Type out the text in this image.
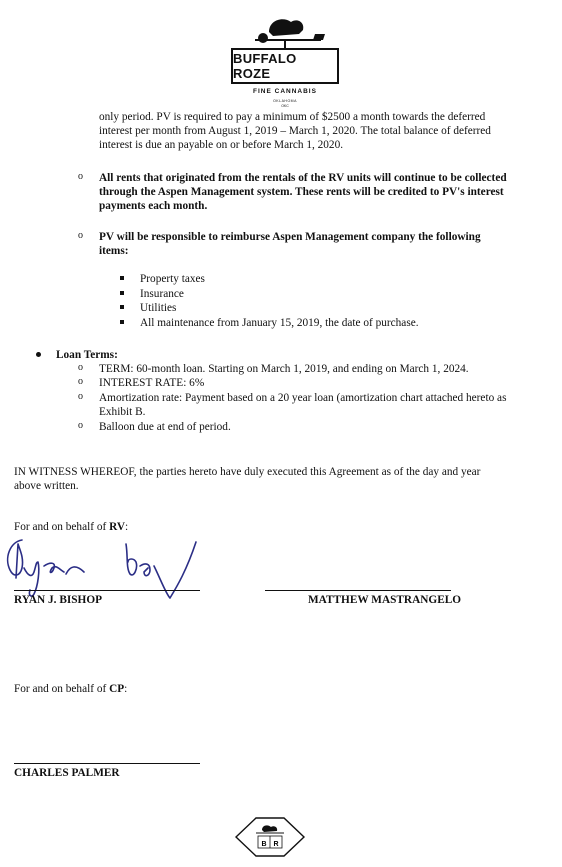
BUFFALO ROZE
FINE CANNABIS
OKLAHOMA
OKC
only period. PV is required to pay a minimum of $2500 a month towards the deferred
interest per month from August 1, 2019 – March 1, 2020. The total balance of deferred
interest is due an payable on or before March 1, 2020.
o All rents that originated from the rentals of the RV units will continue to be collected
through the Aspen Management system. These rents will be credited to PV's interest
payments each month.
o PV will be responsible to reimburse Aspen Management company the following
items:
Property taxes
Insurance
Utilities
All maintenance from January 15, 2019, the date of purchase.
Loan Terms:
o TERM: 60-month loan. Starting on March 1, 2019, and ending on March 1, 2024.
o INTEREST RATE: 6%
o Amortization rate: Payment based on a 20 year loan (amortization chart attached hereto as
Exhibit B.
o Balloon due at end of period.
IN WITNESS WHEREOF, the parties hereto have duly executed this Agreement as of the day and year
above written.
For and on behalf of RV:
RYAN J. BISHOP	MATTHEW MASTRANGELO
For and on behalf of CP:
CHARLES PALMER
B R
